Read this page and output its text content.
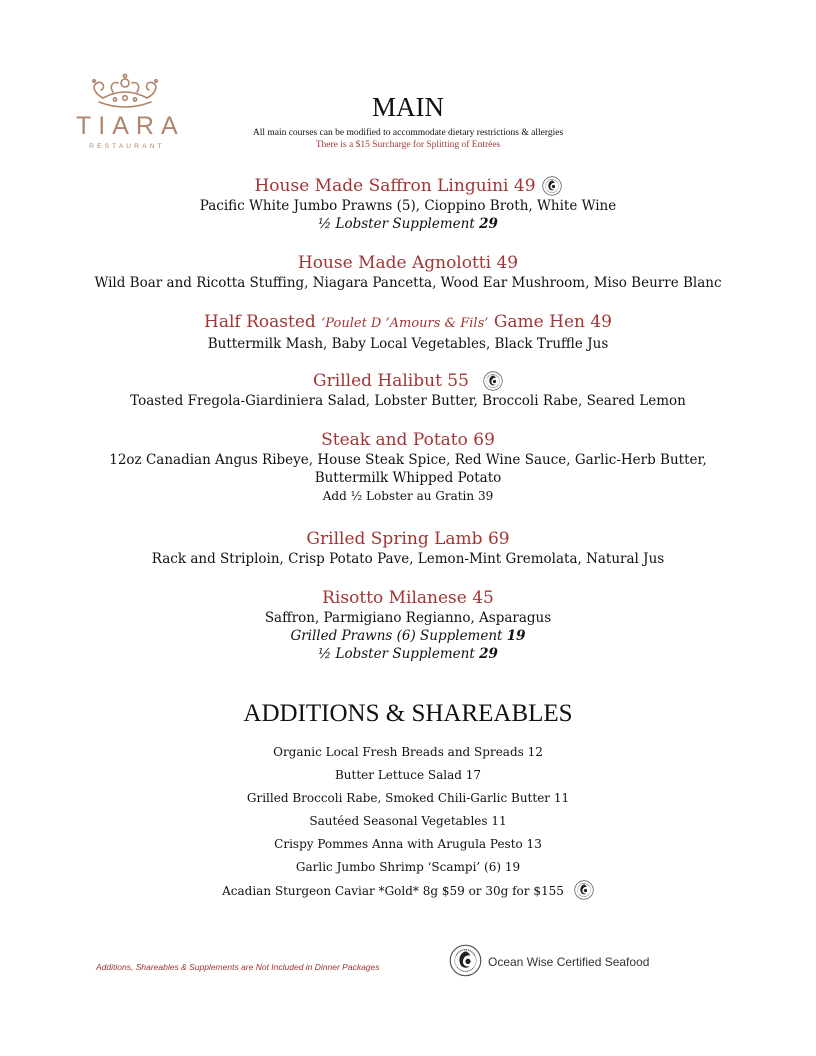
TIARA
RESTAURANT
MAIN
All main courses can be modified to accommodate dietary restrictions & allergies
There is a $15 Surcharge for Splitting of Entrées
House Made Saffron Linguini 49
Pacific White Jumbo Prawns (5), Cioppino Broth, White Wine
½ Lobster Supplement 29
House Made Agnolotti 49
Wild Boar and Ricotta Stuffing, Niagara Pancetta, Wood Ear Mushroom, Miso Beurre Blanc
Half Roasted ‘Poulet D ’Amours & Fils’ Game Hen 49
Buttermilk Mash, Baby Local Vegetables, Black Truffle Jus
Grilled Halibut 55
Toasted Fregola-Giardiniera Salad, Lobster Butter, Broccoli Rabe, Seared Lemon
Steak and Potato 69
12oz Canadian Angus Ribeye, House Steak Spice, Red Wine Sauce, Garlic-Herb Butter,
Buttermilk Whipped Potato
Add ½ Lobster au Gratin 39
Grilled Spring Lamb 69
Rack and Striploin, Crisp Potato Pave, Lemon-Mint Gremolata, Natural Jus
Risotto Milanese 45
Saffron, Parmigiano Regianno, Asparagus
Grilled Prawns (6) Supplement 19
½ Lobster Supplement 29
ADDITIONS & SHAREABLES
Organic Local Fresh Breads and Spreads 12
Butter Lettuce Salad 17
Grilled Broccoli Rabe, Smoked Chili-Garlic Butter 11
Sautéed Seasonal Vegetables 11
Crispy Pommes Anna with Arugula Pesto 13
Garlic Jumbo Shrimp ‘Scampi’ (6) 19
Acadian Sturgeon Caviar *Gold* 8g $59 or 30g for $155
Additions, Shareables & Supplements are Not Included in Dinner Packages	Ocean Wise Certified Seafood
